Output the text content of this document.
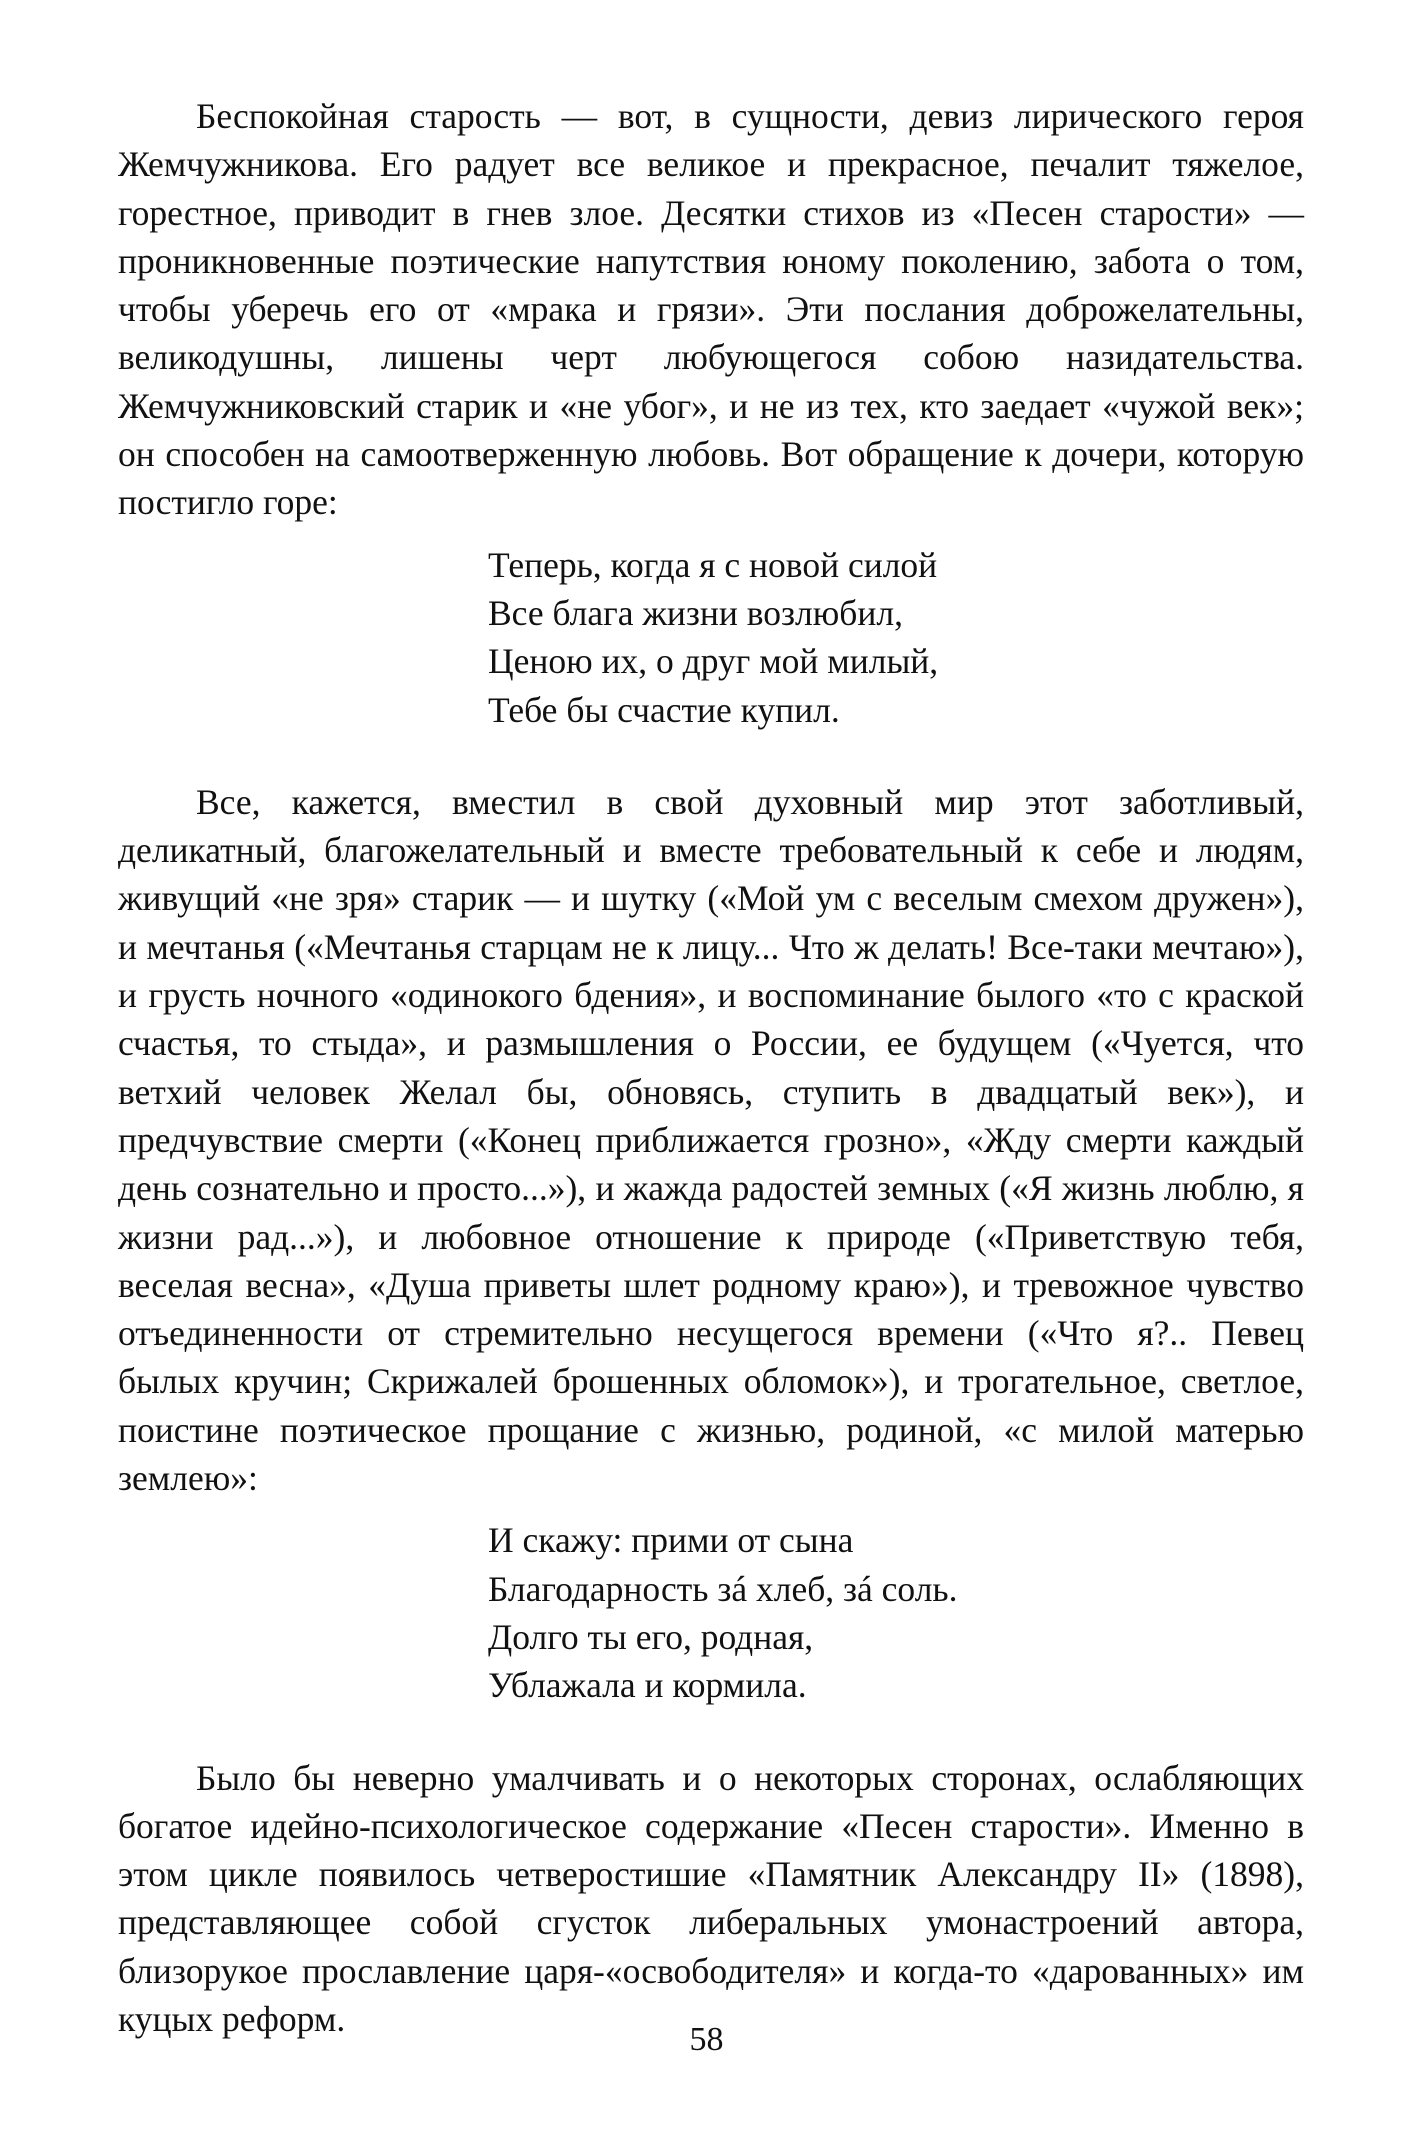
Беспокойная старость — вот, в сущности, девиз лирического героя Жемчужникова. Его радует все великое и прекрасное, печалит тяжелое, горестное, приводит в гнев злое. Десятки стихов из «Песен старости» — проникновенные поэтические напутствия юному поколению, забота о том, чтобы уберечь его от «мрака и грязи». Эти послания доброжелательны, великодушны, лишены черт любующегося собою назидательства. Жемчужниковский старик и «не убог», и не из тех, кто заедает «чужой век»; он способен на самоотверженную любовь. Вот обращение к дочери, которую постигло горе:

Теперь, когда я с новой силой
Все блага жизни возлюбил,
Ценою их, о друг мой милый,
Тебе бы счастие купил.

Все, кажется, вместил в свой духовный мир этот заботливый, деликатный, благожелательный и вместе требовательный к себе и людям, живущий «не зря» старик — и шутку («Мой ум с веселым смехом дружен»), и мечтанья («Мечтанья старцам не к лицу... Что ж делать! Все-таки мечтаю»), и грусть ночного «одинокого бдения», и воспоминание былого «то с краской счастья, то стыда», и размышления о России, ее будущем («Чуется, что ветхий человек Желал бы, обновясь, ступить в двадцатый век»), и предчувствие смерти («Конец приближается грозно», «Жду смерти каждый день сознательно и просто...»), и жажда радостей земных («Я жизнь люблю, я жизни рад...»), и любовное отношение к природе («Приветствую тебя, веселая весна», «Душа приветы шлет родному краю»), и тревожное чувство отъединенности от стремительно несущегося времени («Что я?.. Певец былых кручин; Скрижалей брошенных обломок»), и трогательное, светлое, поистине поэтическое прощание с жизнью, родиной, «с милой матерью землею»:

И скажу: прими от сына
Благодарность зá хлеб, зá соль.
Долго ты его, родная,
Ублажала и кормила.

Было бы неверно умалчивать и о некоторых сторонах, ослабляющих богатое идейно-психологическое содержание «Песен старости». Именно в этом цикле появилось четверостишие «Памятник Александру II» (1898), представляющее собой сгусток либеральных умонастроений автора, близорукое прославление царя-«освободителя» и когда-то «дарованных» им куцых реформ.

58
